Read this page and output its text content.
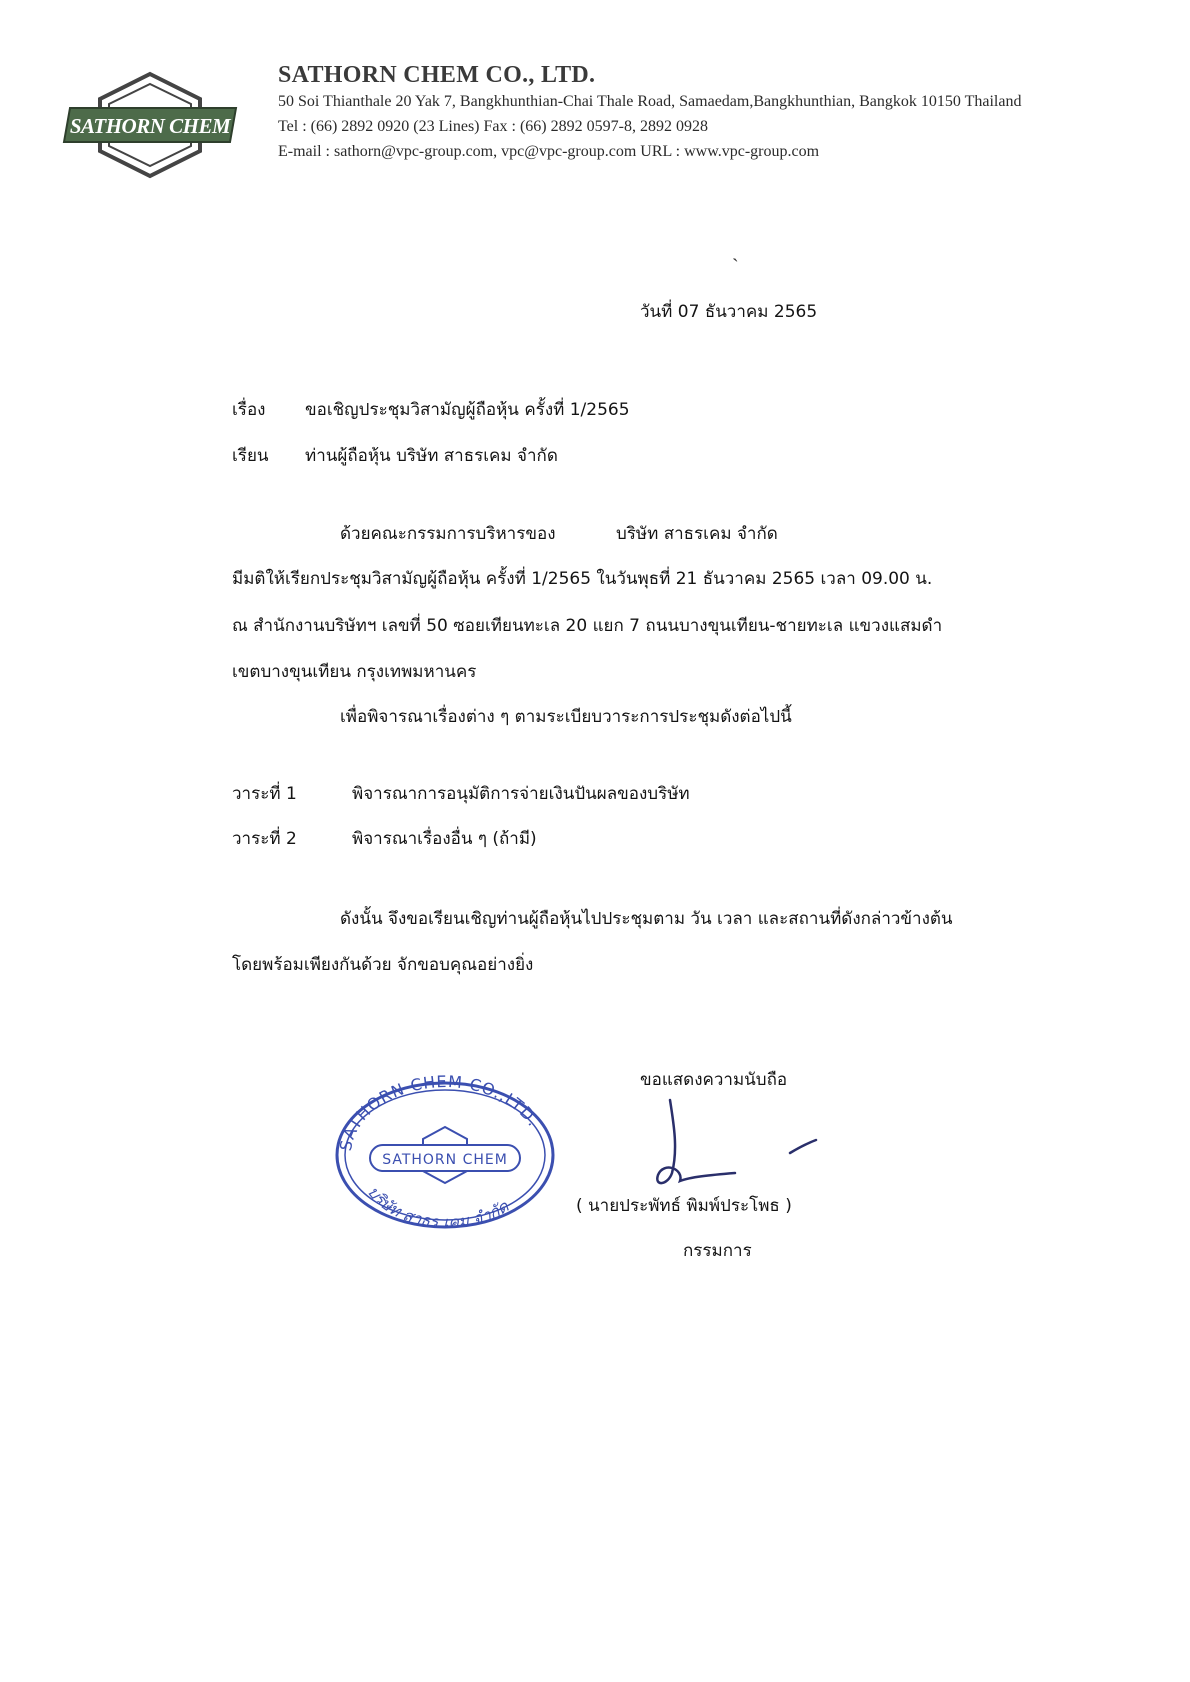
SATHORN CHEM
SATHORN CHEM CO., LTD.
50 Soi Thianthale 20 Yak 7, Bangkhunthian-Chai Thale Road, Samaedam,Bangkhunthian, Bangkok 10150 Thailand
Tel : (66) 2892 0920 (23 Lines) Fax : (66) 2892 0597-8, 2892 0928
E-mail : sathorn@vpc-group.com, vpc@vpc-group.com URL : www.vpc-group.com
ˏ
วันที่ 07 ธันวาคม 2565
เรื่อง ขอเชิญประชุมวิสามัญผู้ถือหุ้น ครั้งที่ 1/2565
เรียน ท่านผู้ถือหุ้น บริษัท สาธรเคม จำกัด
ด้วยคณะกรรมการบริหารของ	บริษัท สาธรเคม จำกัด
มีมติให้เรียกประชุมวิสามัญผู้ถือหุ้น ครั้งที่ 1/2565 ในวันพุธที่ 21 ธันวาคม 2565 เวลา 09.00 น.
ณ สำนักงานบริษัทฯ เลขที่ 50 ซอยเทียนทะเล 20 แยก 7 ถนนบางขุนเทียน-ชายทะเล แขวงแสมดำ
เขตบางขุนเทียน กรุงเทพมหานคร
เพื่อพิจารณาเรื่องต่าง ๆ ตามระเบียบวาระการประชุมดังต่อไปนี้
วาระที่ 1	พิจารณาการอนุมัติการจ่ายเงินปันผลของบริษัท
วาระที่ 2	พิจารณาเรื่องอื่น ๆ (ถ้ามี)
ดังนั้น จึงขอเรียนเชิญท่านผู้ถือหุ้นไปประชุมตาม วัน เวลา และสถานที่ดังกล่าวข้างต้น
โดยพร้อมเพียงกันด้วย จักขอบคุณอย่างยิ่ง
ขอแสดงความนับถือ
SATHORN CHEM CO.,LTD.
บริษัท สาธร เคม จำกัด
SATHORN CHEM
( นายประพัทธ์ พิมพ์ประโพธ )
กรรมการ
